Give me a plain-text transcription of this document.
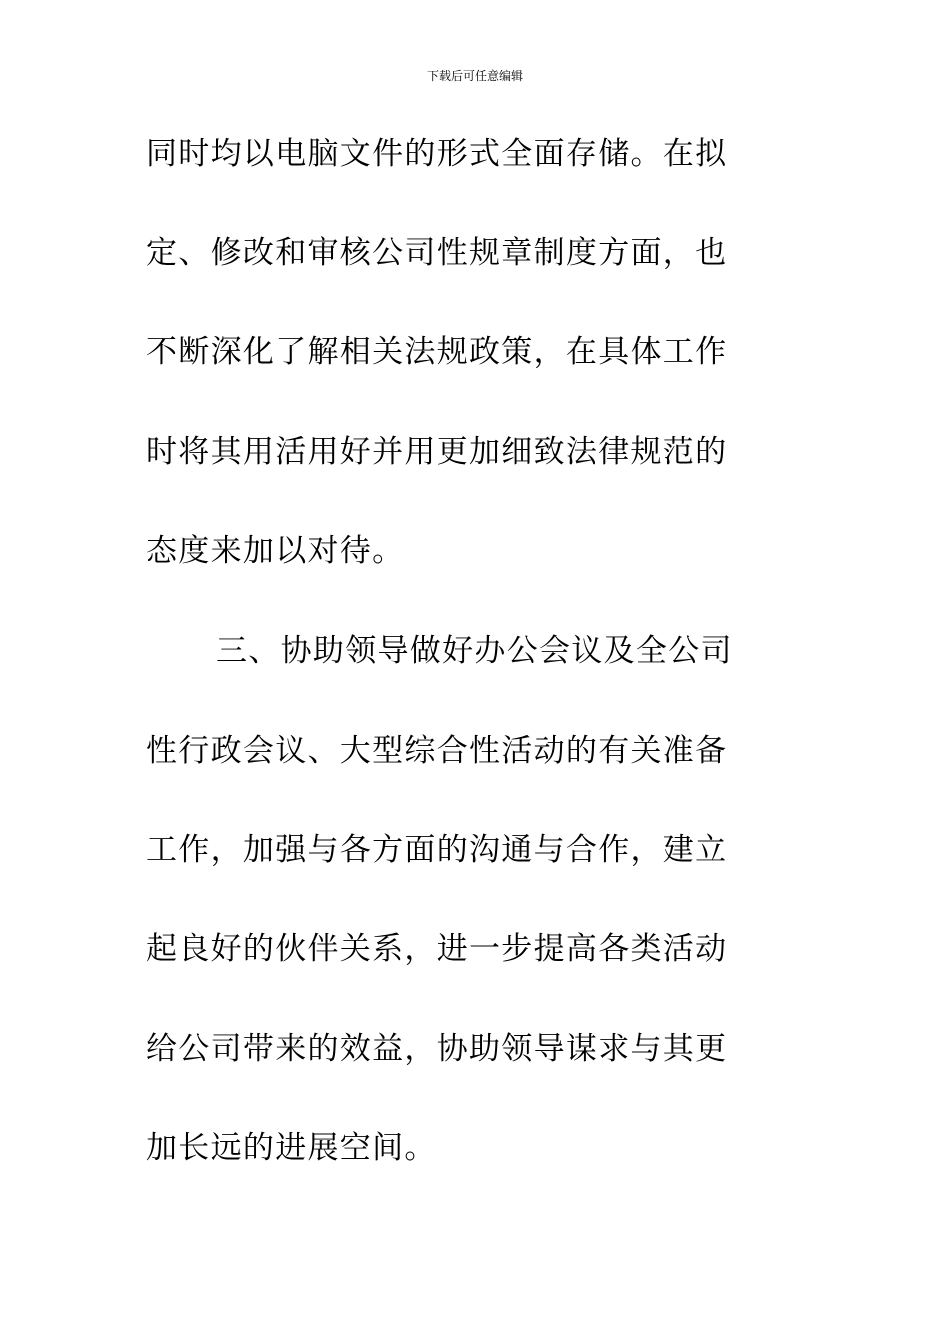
下载后可任意编辑
同时均以电脑文件的形式全面存储。在拟
定、修改和审核公司性规章制度方面，也
不断深化了解相关法规政策，在具体工作
时将其用活用好并用更加细致法律规范的
态度来加以对待。
三、协助领导做好办公会议及全公司
性行政会议、大型综合性活动的有关准备
工作，加强与各方面的沟通与合作，建立
起良好的伙伴关系，进一步提高各类活动
给公司带来的效益，协助领导谋求与其更
加长远的进展空间。
